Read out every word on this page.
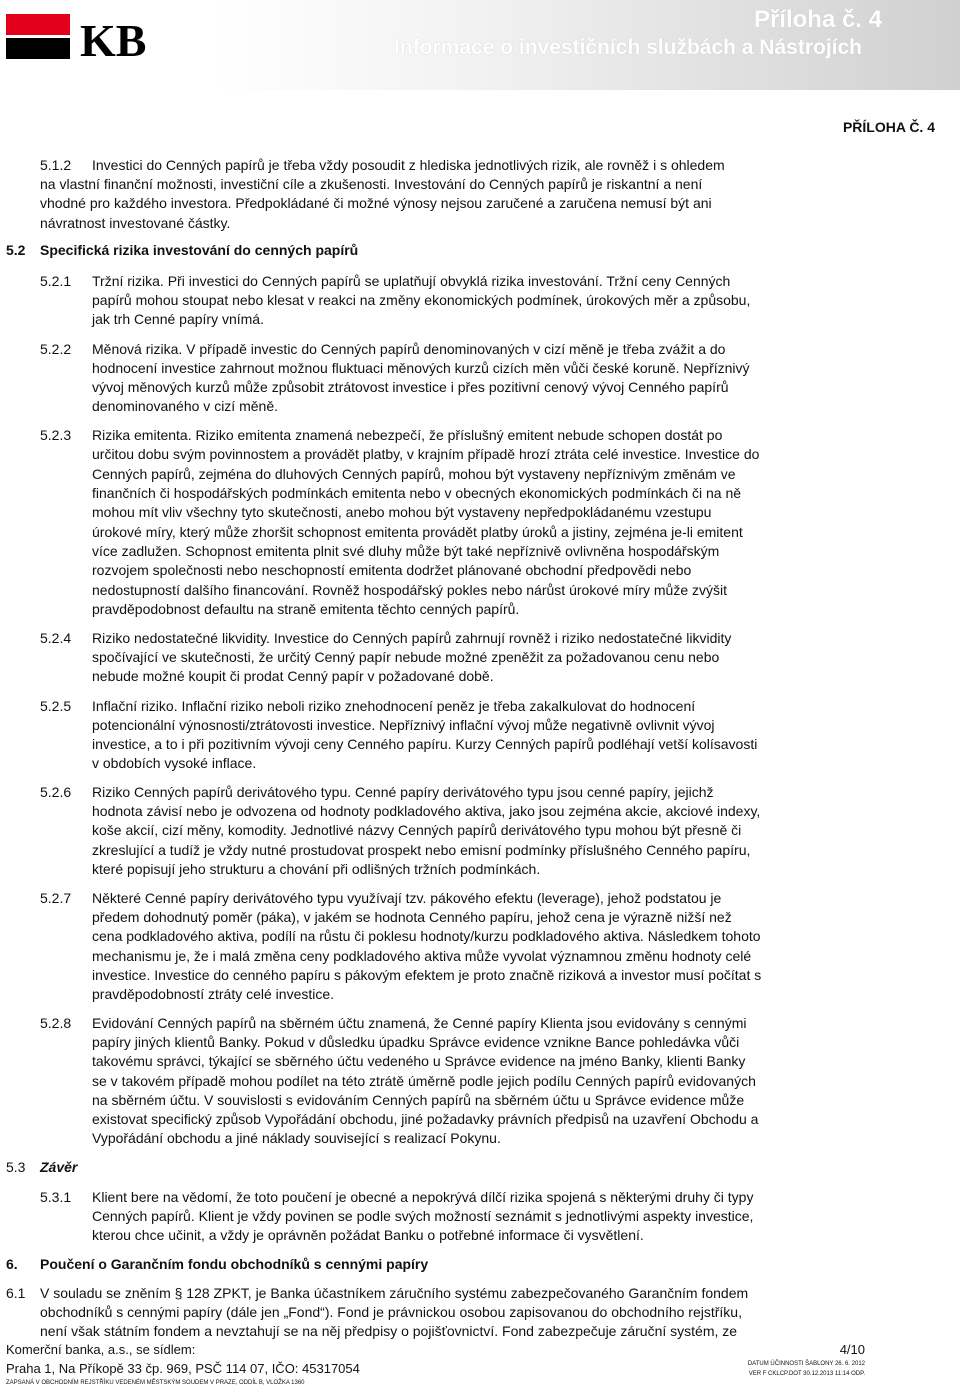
KB	Příloha č. 4
Informace o investičních službách a Nástrojích
PŘÍLOHA Č. 4
5.1.2 Investici do Cenných papírů je třeba vždy posoudit z hlediska jednotlivých rizik, ale rovněž i s ohledem
na vlastní finanční možnosti, investiční cíle a zkušenosti. Investování do Cenných papírů je riskantní a není
vhodné pro každého investora. Předpokládané či možné výnosy nejsou zaručené a zaručena nemusí být ani
návratnost investované částky.
5.2 Specifická rizika investování do cenných papírů
5.2.1 Tržní rizika. Při investici do Cenných papírů se uplatňují obvyklá rizika investování. Tržní ceny Cenných
papírů mohou stoupat nebo klesat v reakci na změny ekonomických podmínek, úrokových měr a způsobu,
jak trh Cenné papíry vnímá.
5.2.2 Měnová rizika. V případě investic do Cenných papírů denominovaných v cizí měně je třeba zvážit a do
hodnocení investice zahrnout možnou fluktuaci měnových kurzů cizích měn vůči české koruně. Nepříznivý
vývoj měnových kurzů může způsobit ztrátovost investice i přes pozitivní cenový vývoj Cenného papírů
denominovaného v cizí měně.
5.2.3 Rizika emitenta. Riziko emitenta znamená nebezpečí, že příslušný emitent nebude schopen dostát po
určitou dobu svým povinnostem a provádět platby, v krajním případě hrozí ztráta celé investice. Investice do
Cenných papírů, zejména do dluhových Cenných papírů, mohou být vystaveny nepříznivým změnám ve
finančních či hospodářských podmínkách emitenta nebo v obecných ekonomických podmínkách či na ně
mohou mít vliv všechny tyto skutečnosti, anebo mohou být vystaveny nepředpokládanému vzestupu
úrokové míry, který může zhoršit schopnost emitenta provádět platby úroků a jistiny, zejména je-li emitent
více zadlužen. Schopnost emitenta plnit své dluhy může být také nepříznivě ovlivněna hospodářským
rozvojem společnosti nebo neschopností emitenta dodržet plánované obchodní předpovědi nebo
nedostupností dalšího financování. Rovněž hospodářský pokles nebo nárůst úrokové míry může zvýšit
pravděpodobnost defaultu na straně emitenta těchto cenných papírů.
5.2.4 Riziko nedostatečné likvidity. Investice do Cenných papírů zahrnují rovněž i riziko nedostatečné likvidity
spočívající ve skutečnosti, že určitý Cenný papír nebude možné zpeněžit za požadovanou cenu nebo
nebude možné koupit či prodat Cenný papír v požadované době.
5.2.5 Inflační riziko. Inflační riziko neboli riziko znehodnocení peněz je třeba zakalkulovat do hodnocení
potencionální výnosnosti/ztrátovosti investice. Nepříznivý inflační vývoj může negativně ovlivnit vývoj
investice, a to i při pozitivním vývoji ceny Cenného papíru. Kurzy Cenných papírů podléhají vetší kolísavosti
v obdobích vysoké inflace.
5.2.6 Riziko Cenných papírů derivátového typu. Cenné papíry derivátového typu jsou cenné papíry, jejichž
hodnota závisí nebo je odvozena od hodnoty podkladového aktiva, jako jsou zejména akcie, akciové indexy,
koše akcií, cizí měny, komodity. Jednotlivé názvy Cenných papírů derivátového typu mohou být přesně či
zkreslující a tudíž je vždy nutné prostudovat prospekt nebo emisní podmínky příslušného Cenného papíru,
které popisují jeho strukturu a chování při odlišných tržních podmínkách.
5.2.7 Některé Cenné papíry derivátového typu využívají tzv. pákového efektu (leverage), jehož podstatou je
předem dohodnutý poměr (páka), v jakém se hodnota Cenného papíru, jehož cena je výrazně nižší než
cena podkladového aktiva, podílí na růstu či poklesu hodnoty/kurzu podkladového aktiva. Následkem tohoto
mechanismu je, že i malá změna ceny podkladového aktiva může vyvolat významnou změnu hodnoty celé
investice. Investice do cenného papíru s pákovým efektem je proto značně riziková a investor musí počítat s
pravděpodobností ztráty celé investice.
5.2.8 Evidování Cenných papírů na sběrném účtu znamená, že Cenné papíry Klienta jsou evidovány s cennými
papíry jiných klientů Banky. Pokud v důsledku úpadku Správce evidence vznikne Bance pohledávka vůči
takovému správci, týkající se sběrného účtu vedeného u Správce evidence na jméno Banky, klienti Banky
se v takovém případě mohou podílet na této ztrátě úměrně podle jejich podílu Cenných papírů evidovaných
na sběrném účtu. V souvislosti s evidováním Cenných papírů na sběrném účtu u Správce evidence může
existovat specifický způsob Vypořádání obchodu, jiné požadavky právních předpisů na uzavření Obchodu a
Vypořádání obchodu a jiné náklady související s realizací Pokynu.
5.3 Závěr
5.3.1 Klient bere na vědomí, že toto poučení je obecné a nepokrývá dílčí rizika spojená s některými druhy či typy
Cenných papírů. Klient je vždy povinen se podle svých možností seznámit s jednotlivými aspekty investice,
kterou chce učinit, a vždy je oprávněn požádat Banku o potřebné informace či vysvětlení.
6. Poučení o Garančním fondu obchodníků s cennými papíry
6.1 V souladu se zněním § 128 ZPKT, je Banka účastníkem záručního systému zabezpečovaného Garančním fondem
obchodníků s cennými papíry (dále jen „Fond“). Fond je právnickou osobou zapisovanou do obchodního rejstříku,
není však státním fondem a nevztahují se na něj předpisy o pojišťovnictví. Fond zabezpečuje záruční systém, ze
Komerční banka, a.s., se sídlem:
Praha 1, Na Příkopě 33 čp. 969, PSČ 114 07, IČO: 45317054
ZAPSANÁ V OBCHODNÍM REJSTŘÍKU VEDENÉM MĚSTSKÝM SOUDEM V PRAZE, ODDÍL B, VLOŽKA 1360
4/10
DATUM ÚČINNOSTI ŠABLONY 26. 6. 2012
VER F CKLCP.DOT 30.12.2013 11:14 ODP.
